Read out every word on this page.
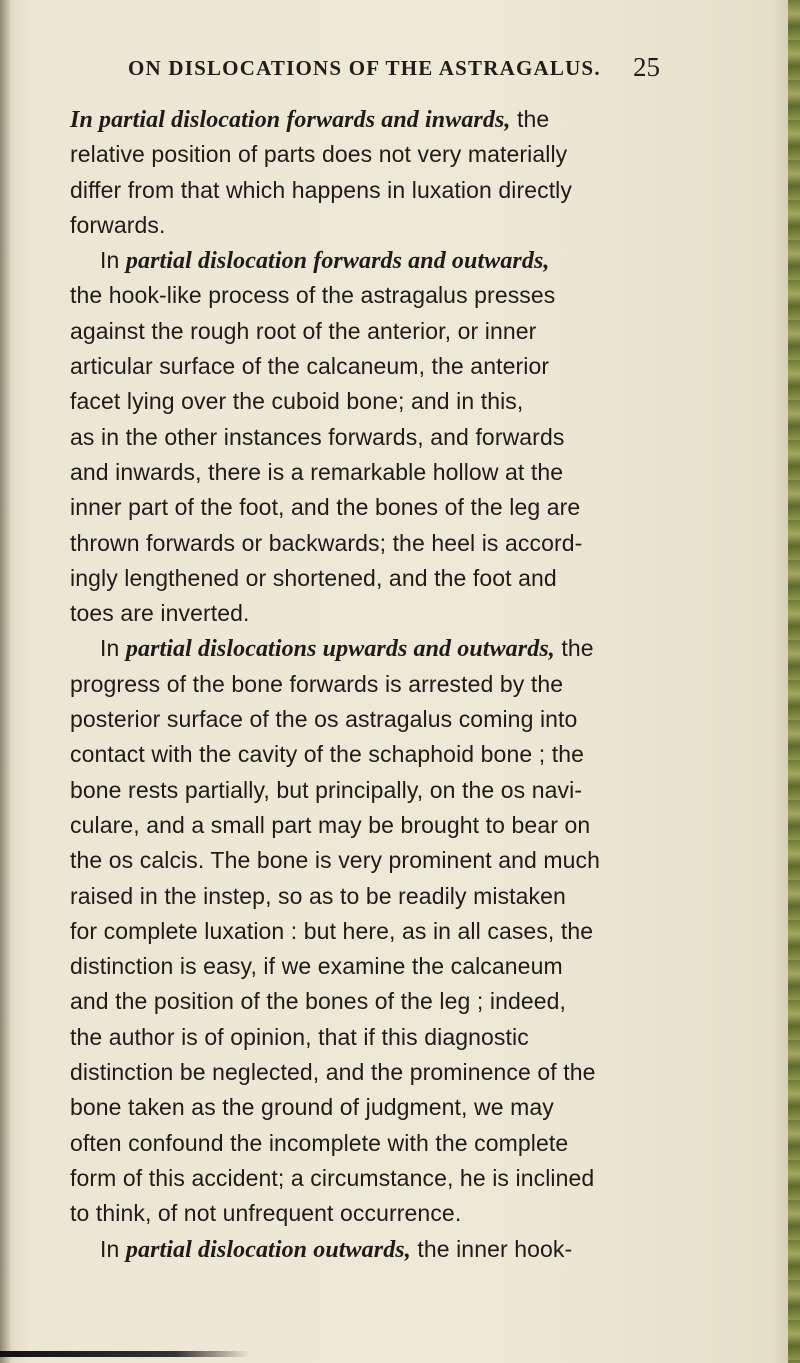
ON DISLOCATIONS OF THE ASTRAGALUS. 25
In partial dislocation forwards and inwards, the
relative position of parts does not very materially
differ from that which happens in luxation directly
forwards.
In partial dislocation forwards and outwards,
the hook-like process of the astragalus presses
against the rough root of the anterior, or inner
articular surface of the calcaneum, the anterior
facet lying over the cuboid bone; and in this,
as in the other instances forwards, and forwards
and inwards, there is a remarkable hollow at the
inner part of the foot, and the bones of the leg are
thrown forwards or backwards; the heel is accord-
ingly lengthened or shortened, and the foot and
toes are inverted.
In partial dislocations upwards and outwards, the
progress of the bone forwards is arrested by the
posterior surface of the os astragalus coming into
contact with the cavity of the schaphoid bone ; the
bone rests partially, but principally, on the os navi-
culare, and a small part may be brought to bear on
the os calcis. The bone is very prominent and much
raised in the instep, so as to be readily mistaken
for complete luxation : but here, as in all cases, the
distinction is easy, if we examine the calcaneum
and the position of the bones of the leg ; indeed,
the author is of opinion, that if this diagnostic
distinction be neglected, and the prominence of the
bone taken as the ground of judgment, we may
often confound the incomplete with the complete
form of this accident; a circumstance, he is inclined
to think, of not unfrequent occurrence.
In partial dislocation outwards, the inner hook-
